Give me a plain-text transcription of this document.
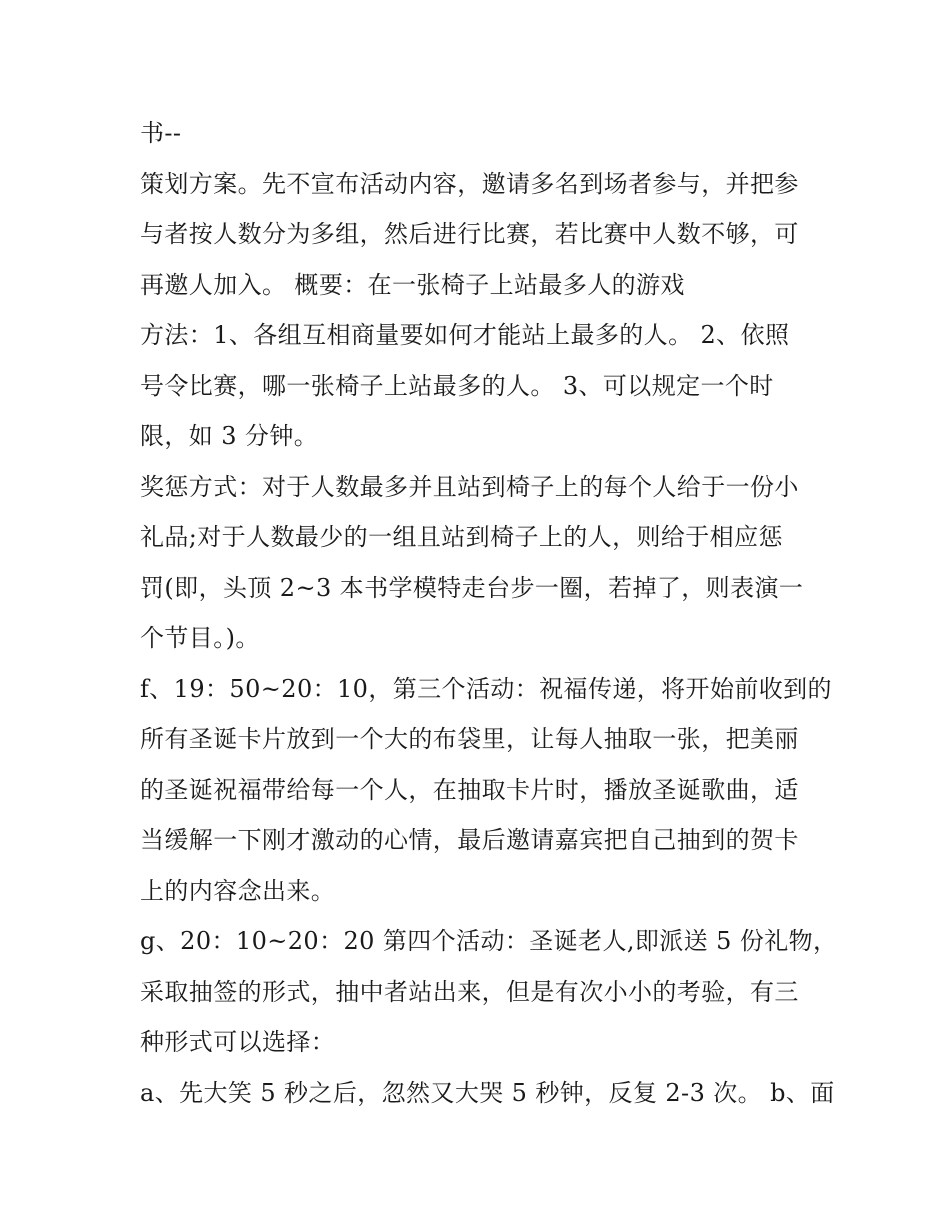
书--
策划方案。先不宣布活动内容，邀请多名到场者参与，并把参
与者按人数分为多组，然后进行比赛，若比赛中人数不够，可
再邀人加入。 概要：在一张椅子上站最多人的游戏
方法：1、各组互相商量要如何才能站上最多的人。 2、依照
号令比赛，哪一张椅子上站最多的人。 3、可以规定一个时
限，如 3 分钟。
奖惩方式：对于人数最多并且站到椅子上的每个人给于一份小
礼品;对于人数最少的一组且站到椅子上的人，则给于相应惩
罚(即，头顶 2~3 本书学模特走台步一圈，若掉了，则表演一
个节目。)。
f、19：50~20：10，第三个活动：祝福传递，将开始前收到的
所有圣诞卡片放到一个大的布袋里，让每人抽取一张，把美丽
的圣诞祝福带给每一个人，在抽取卡片时，播放圣诞歌曲，适
当缓解一下刚才激动的心情，最后邀请嘉宾把自己抽到的贺卡
上的内容念出来。
g、20：10~20：20 第四个活动：圣诞老人,即派送 5 份礼物，
采取抽签的形式，抽中者站出来，但是有次小小的考验，有三
种形式可以选择：
a、先大笑 5 秒之后，忽然又大哭 5 秒钟，反复 2-3 次。 b、面
